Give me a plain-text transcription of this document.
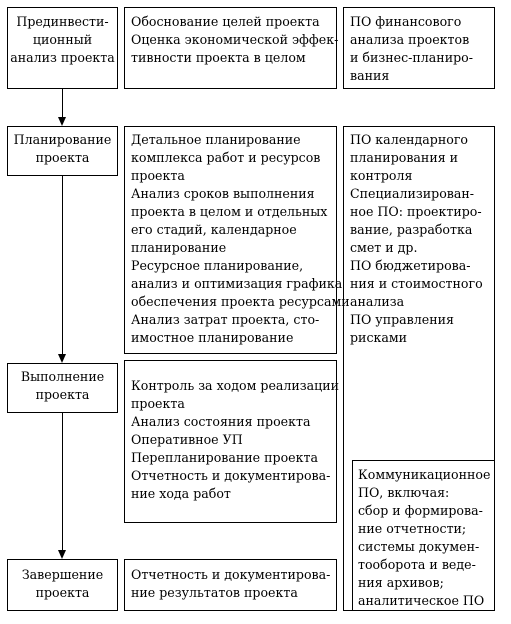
Прединвести-
ционный
анализ проекта
Планирование
проекта
Выполнение
проекта
Завершение
проекта
Обоснование целей проекта
Оценка экономической эффек-
тивности проекта в целом
Детальное планирование
комплекса работ и ресурсов
проекта
Анализ сроков выполнения
проекта в целом и отдельных
его стадий, календарное
планирование
Ресурсное планирование,
анализ и оптимизация графика
обеспечения проекта ресурсами
Анализ затрат проекта, сто-
имостное планирование
Контроль за ходом реализации
проекта
Анализ состояния проекта
Оперативное УП
Перепланирование проекта
Отчетность и документирова-
ние хода работ
Отчетность и документирова-
ние результатов проекта
ПО финансового
анализа проектов
и бизнес-планиро-
вания
ПО календарного
планирования и
контроля
Специализирован-
ное ПО: проектиро-
вание, разработка
смет и др.
ПО бюджетирова-
ния и стоимостного
анализа
ПО управления
рисками
Коммуникационное
ПО, включая:
сбор и формирова-
ние отчетности;
системы докумен-
тооборота и веде-
ния архивов;
аналитическое ПО
